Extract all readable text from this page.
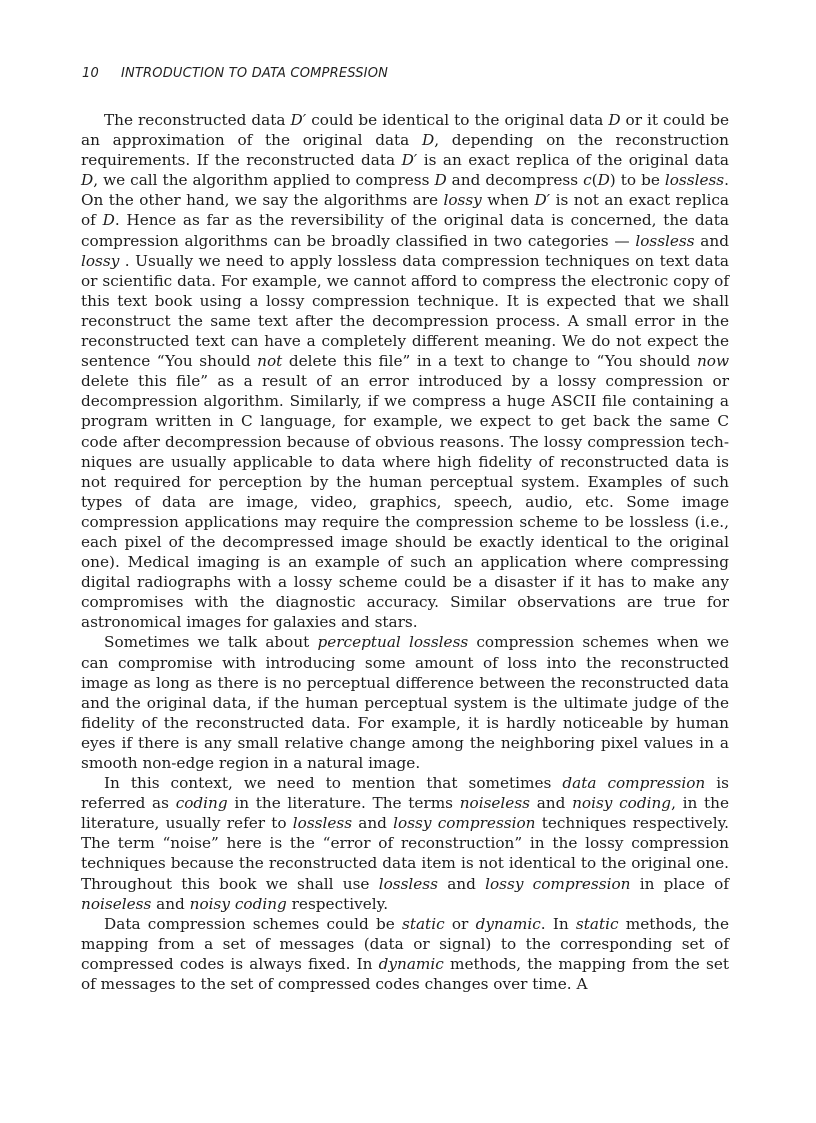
10 INTRODUCTION TO DATA COMPRESSION

The reconstructed data D′ could be identical to the original data D or it could be an approximation of the original data D, depending on the reconstruction requirements. If the reconstructed data D′ is an exact replica of the original data D, we call the algorithm applied to compress D and decompress c(D) to be lossless. On the other hand, we say the algorithms are lossy when D′ is not an exact replica of D. Hence as far as the reversibility of the original data is concerned, the data compression algorithms can be broadly classified in two categories — lossless and lossy . Usually we need to apply lossless data compression techniques on text data or scientific data. For example, we cannot afford to compress the electronic copy of this text book using a lossy compression technique. It is expected that we shall reconstruct the same text after the decompression process. A small error in the reconstructed text can have a completely different meaning. We do not expect the sentence “You should not delete this file” in a text to change to “You should now delete this file” as a result of an error introduced by a lossy compression or decompression algorithm. Similarly, if we compress a huge ASCII file containing a program written in C language, for example, we expect to get back the same C code after decompression because of obvious reasons. The lossy compression techniques are usually applicable to data where high fidelity of reconstructed data is not required for perception by the human perceptual system. Examples of such types of data are image, video, graphics, speech, audio, etc. Some image compression applications may require the compression scheme to be lossless (i.e., each pixel of the decompressed image should be exactly identical to the original one). Medical imaging is an example of such an application where compressing digital radiographs with a lossy scheme could be a disaster if it has to make any compromises with the diagnostic accuracy. Similar observations are true for astronomical images for galaxies and stars.

Sometimes we talk about perceptual lossless compression schemes when we can compromise with introducing some amount of loss into the reconstructed image as long as there is no perceptual difference between the reconstructed data and the original data, if the human perceptual system is the ultimate judge of the fidelity of the reconstructed data. For example, it is hardly noticeable by human eyes if there is any small relative change among the neighboring pixel values in a smooth non-edge region in a natural image.

In this context, we need to mention that sometimes data compression is referred as coding in the literature. The terms noiseless and noisy coding, in the literature, usually refer to lossless and lossy compression techniques respectively. The term “noise” here is the “error of reconstruction” in the lossy compression techniques because the reconstructed data item is not identical to the original one. Throughout this book we shall use lossless and lossy compression in place of noiseless and noisy coding respectively.

Data compression schemes could be static or dynamic. In static methods, the mapping from a set of messages (data or signal) to the corresponding set of compressed codes is always fixed. In dynamic methods, the mapping from the set of messages to the set of compressed codes changes over time. A
